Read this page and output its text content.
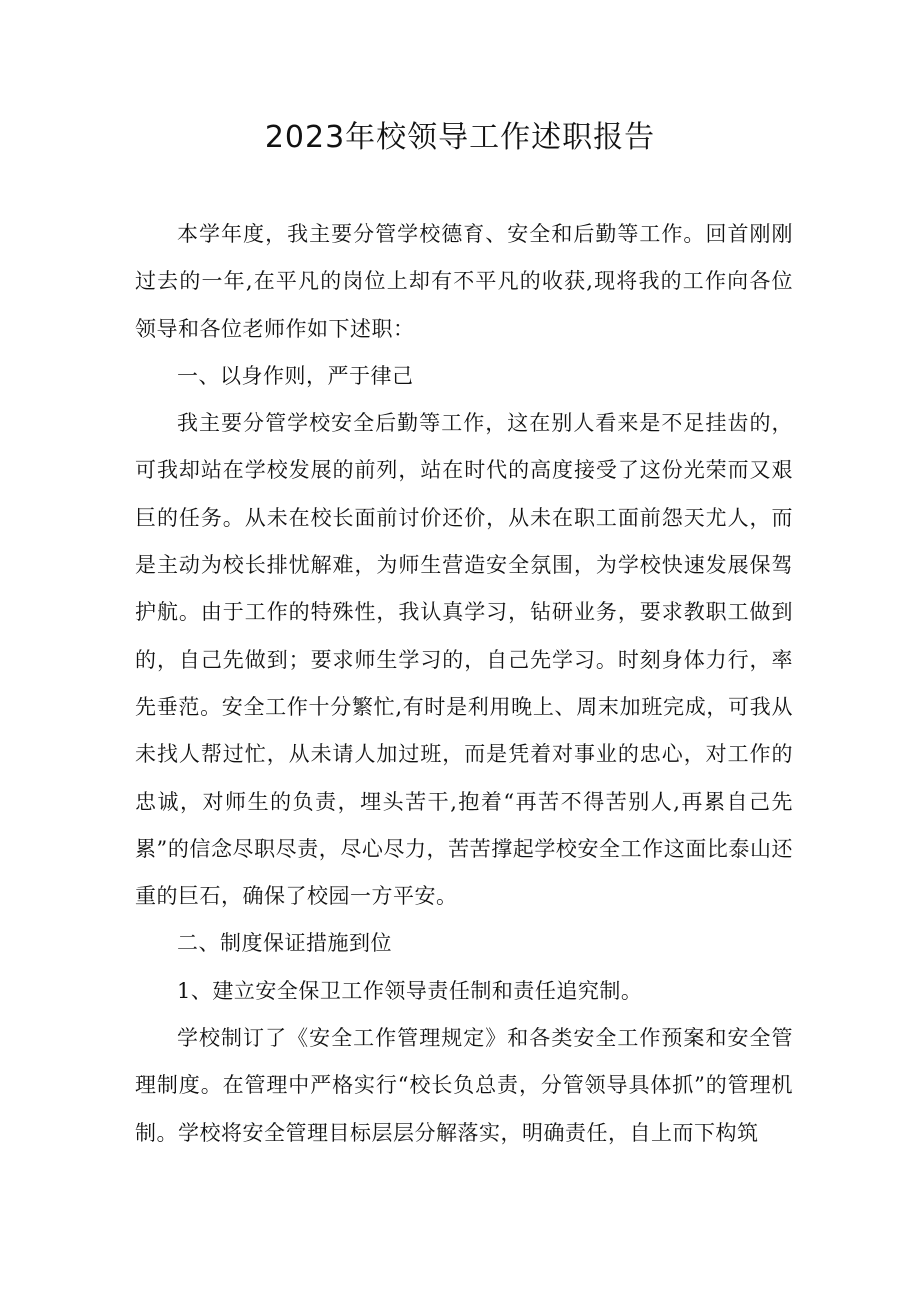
2023年校领导工作述职报告

本学年度，我主要分管学校德育、安全和后勤等工作。回首刚刚过去的一年,在平凡的岗位上却有不平凡的收获,现将我的工作向各位领导和各位老师作如下述职：

一、以身作则，严于律己

我主要分管学校安全后勤等工作，这在别人看来是不足挂齿的，可我却站在学校发展的前列，站在时代的高度接受了这份光荣而又艰巨的任务。从未在校长面前讨价还价，从未在职工面前怨天尤人，而是主动为校长排忧解难，为师生营造安全氛围，为学校快速发展保驾护航。由于工作的特殊性，我认真学习，钻研业务，要求教职工做到的，自己先做到；要求师生学习的，自己先学习。时刻身体力行，率先垂范。安全工作十分繁忙,有时是利用晚上、周末加班完成，可我从未找人帮过忙，从未请人加过班，而是凭着对事业的忠心，对工作的忠诚，对师生的负责，埋头苦干,抱着“再苦不得苦别人,再累自己先累”的信念尽职尽责，尽心尽力，苦苦撑起学校安全工作这面比泰山还重的巨石，确保了校园一方平安。

二、制度保证措施到位

1、建立安全保卫工作领导责任制和责任追究制。

学校制订了《安全工作管理规定》和各类安全工作预案和安全管理制度。在管理中严格实行“校长负总责，分管领导具体抓”的管理机制。学校将安全管理目标层层分解落实，明确责任，自上而下构筑
